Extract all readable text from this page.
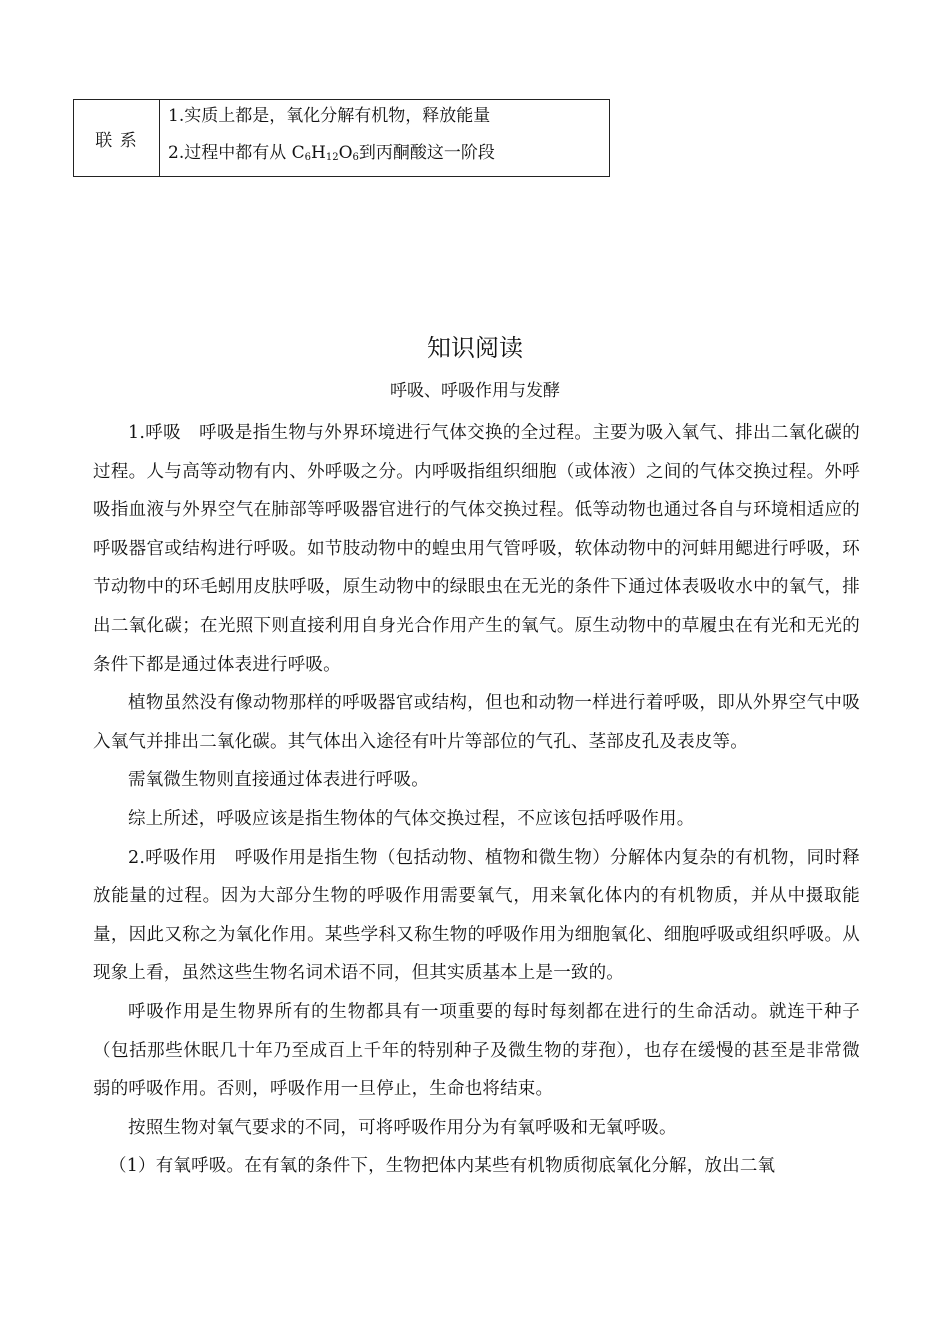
联 系
1.实质上都是，氧化分解有机物，释放能量
2.过程中都有从 $C_6H_{12}O_6$到丙酮酸这一阶段
知识阅读
呼吸、呼吸作用与发酵

1.呼吸 呼吸是指生物与外界环境进行气体交换的全过程。主要为吸入氧气、排出二氧化碳的过程。人与高等动物有内、外呼吸之分。内呼吸指组织细胞（或体液）之间的气体交换过程。外呼吸指血液与外界空气在肺部等呼吸器官进行的气体交换过程。低等动物也通过各自与环境相适应的呼吸器官或结构进行呼吸。如节肢动物中的蝗虫用气管呼吸，软体动物中的河蚌用鳃进行呼吸，环节动物中的环毛蚓用皮肤呼吸，原生动物中的绿眼虫在无光的条件下通过体表吸收水中的氧气，排出二氧化碳；在光照下则直接利用自身光合作用产生的氧气。原生动物中的草履虫在有光和无光的条件下都是通过体表进行呼吸。

植物虽然没有像动物那样的呼吸器官或结构，但也和动物一样进行着呼吸，即从外界空气中吸入氧气并排出二氧化碳。其气体出入途径有叶片等部位的气孔、茎部皮孔及表皮等。

需氧微生物则直接通过体表进行呼吸。

综上所述，呼吸应该是指生物体的气体交换过程，不应该包括呼吸作用。

2.呼吸作用 呼吸作用是指生物（包括动物、植物和微生物）分解体内复杂的有机物，同时释放能量的过程。因为大部分生物的呼吸作用需要氧气，用来氧化体内的有机物质，并从中摄取能量，因此又称之为氧化作用。某些学科又称生物的呼吸作用为细胞氧化、细胞呼吸或组织呼吸。从现象上看，虽然这些生物名词术语不同，但其实质基本上是一致的。

呼吸作用是生物界所有的生物都具有一项重要的每时每刻都在进行的生命活动。就连干种子（包括那些休眠几十年乃至成百上千年的特别种子及微生物的芽孢），也存在缓慢的甚至是非常微弱的呼吸作用。否则，呼吸作用一旦停止，生命也将结束。

按照生物对氧气要求的不同，可将呼吸作用分为有氧呼吸和无氧呼吸。

（1）有氧呼吸。在有氧的条件下，生物把体内某些有机物质彻底氧化分解，放出二氧
